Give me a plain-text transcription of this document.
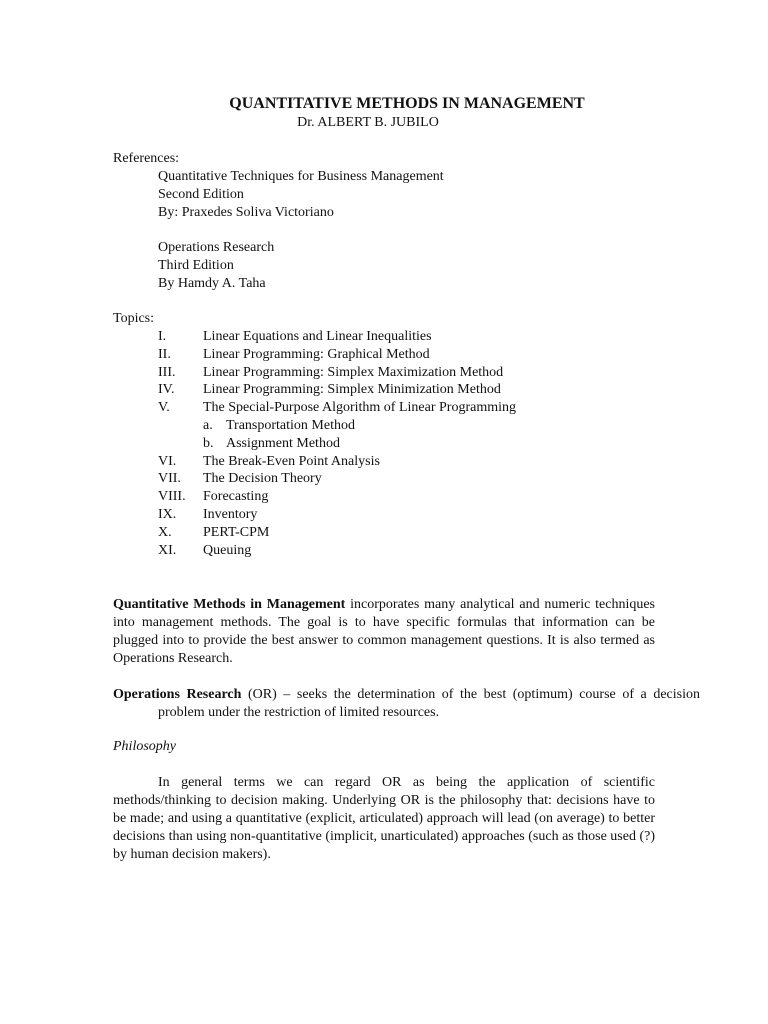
QUANTITATIVE METHODS IN MANAGEMENT

Dr. ALBERT B. JUBILO

References:
Quantitative Techniques for Business Management
Second Edition
By: Praxedes Soliva Victoriano
Operations Research
Third Edition
By Hamdy A. Taha
Topics:
I.	Linear Equations and Linear Inequalities
II. Linear Programming: Graphical Method
III. Linear Programming: Simplex Maximization Method
IV. Linear Programming: Simplex Minimization Method
V. The Special-Purpose Algorithm of Linear Programming
a. Transportation Method
b. Assignment Method
VI. The Break-Even Point Analysis
VII. The Decision Theory
VIII. Forecasting
IX. Inventory
X. PERT-CPM
XI. Queuing

Quantitative Methods in Management incorporates many analytical and numeric techniques into management methods. The goal is to have specific formulas that information can be plugged into to provide the best answer to common management questions. It is also termed as Operations Research.

Operations Research (OR) – seeks the determination of the best (optimum) course of a decision problem under the restriction of limited resources.

Philosophy

In general terms we can regard OR as being the application of scientific methods/thinking to decision making. Underlying OR is the philosophy that: decisions have to be made; and using a quantitative (explicit, articulated) approach will lead (on average) to better decisions than using non-quantitative (implicit, unarticulated) approaches (such as those used (?) by human decision makers).
